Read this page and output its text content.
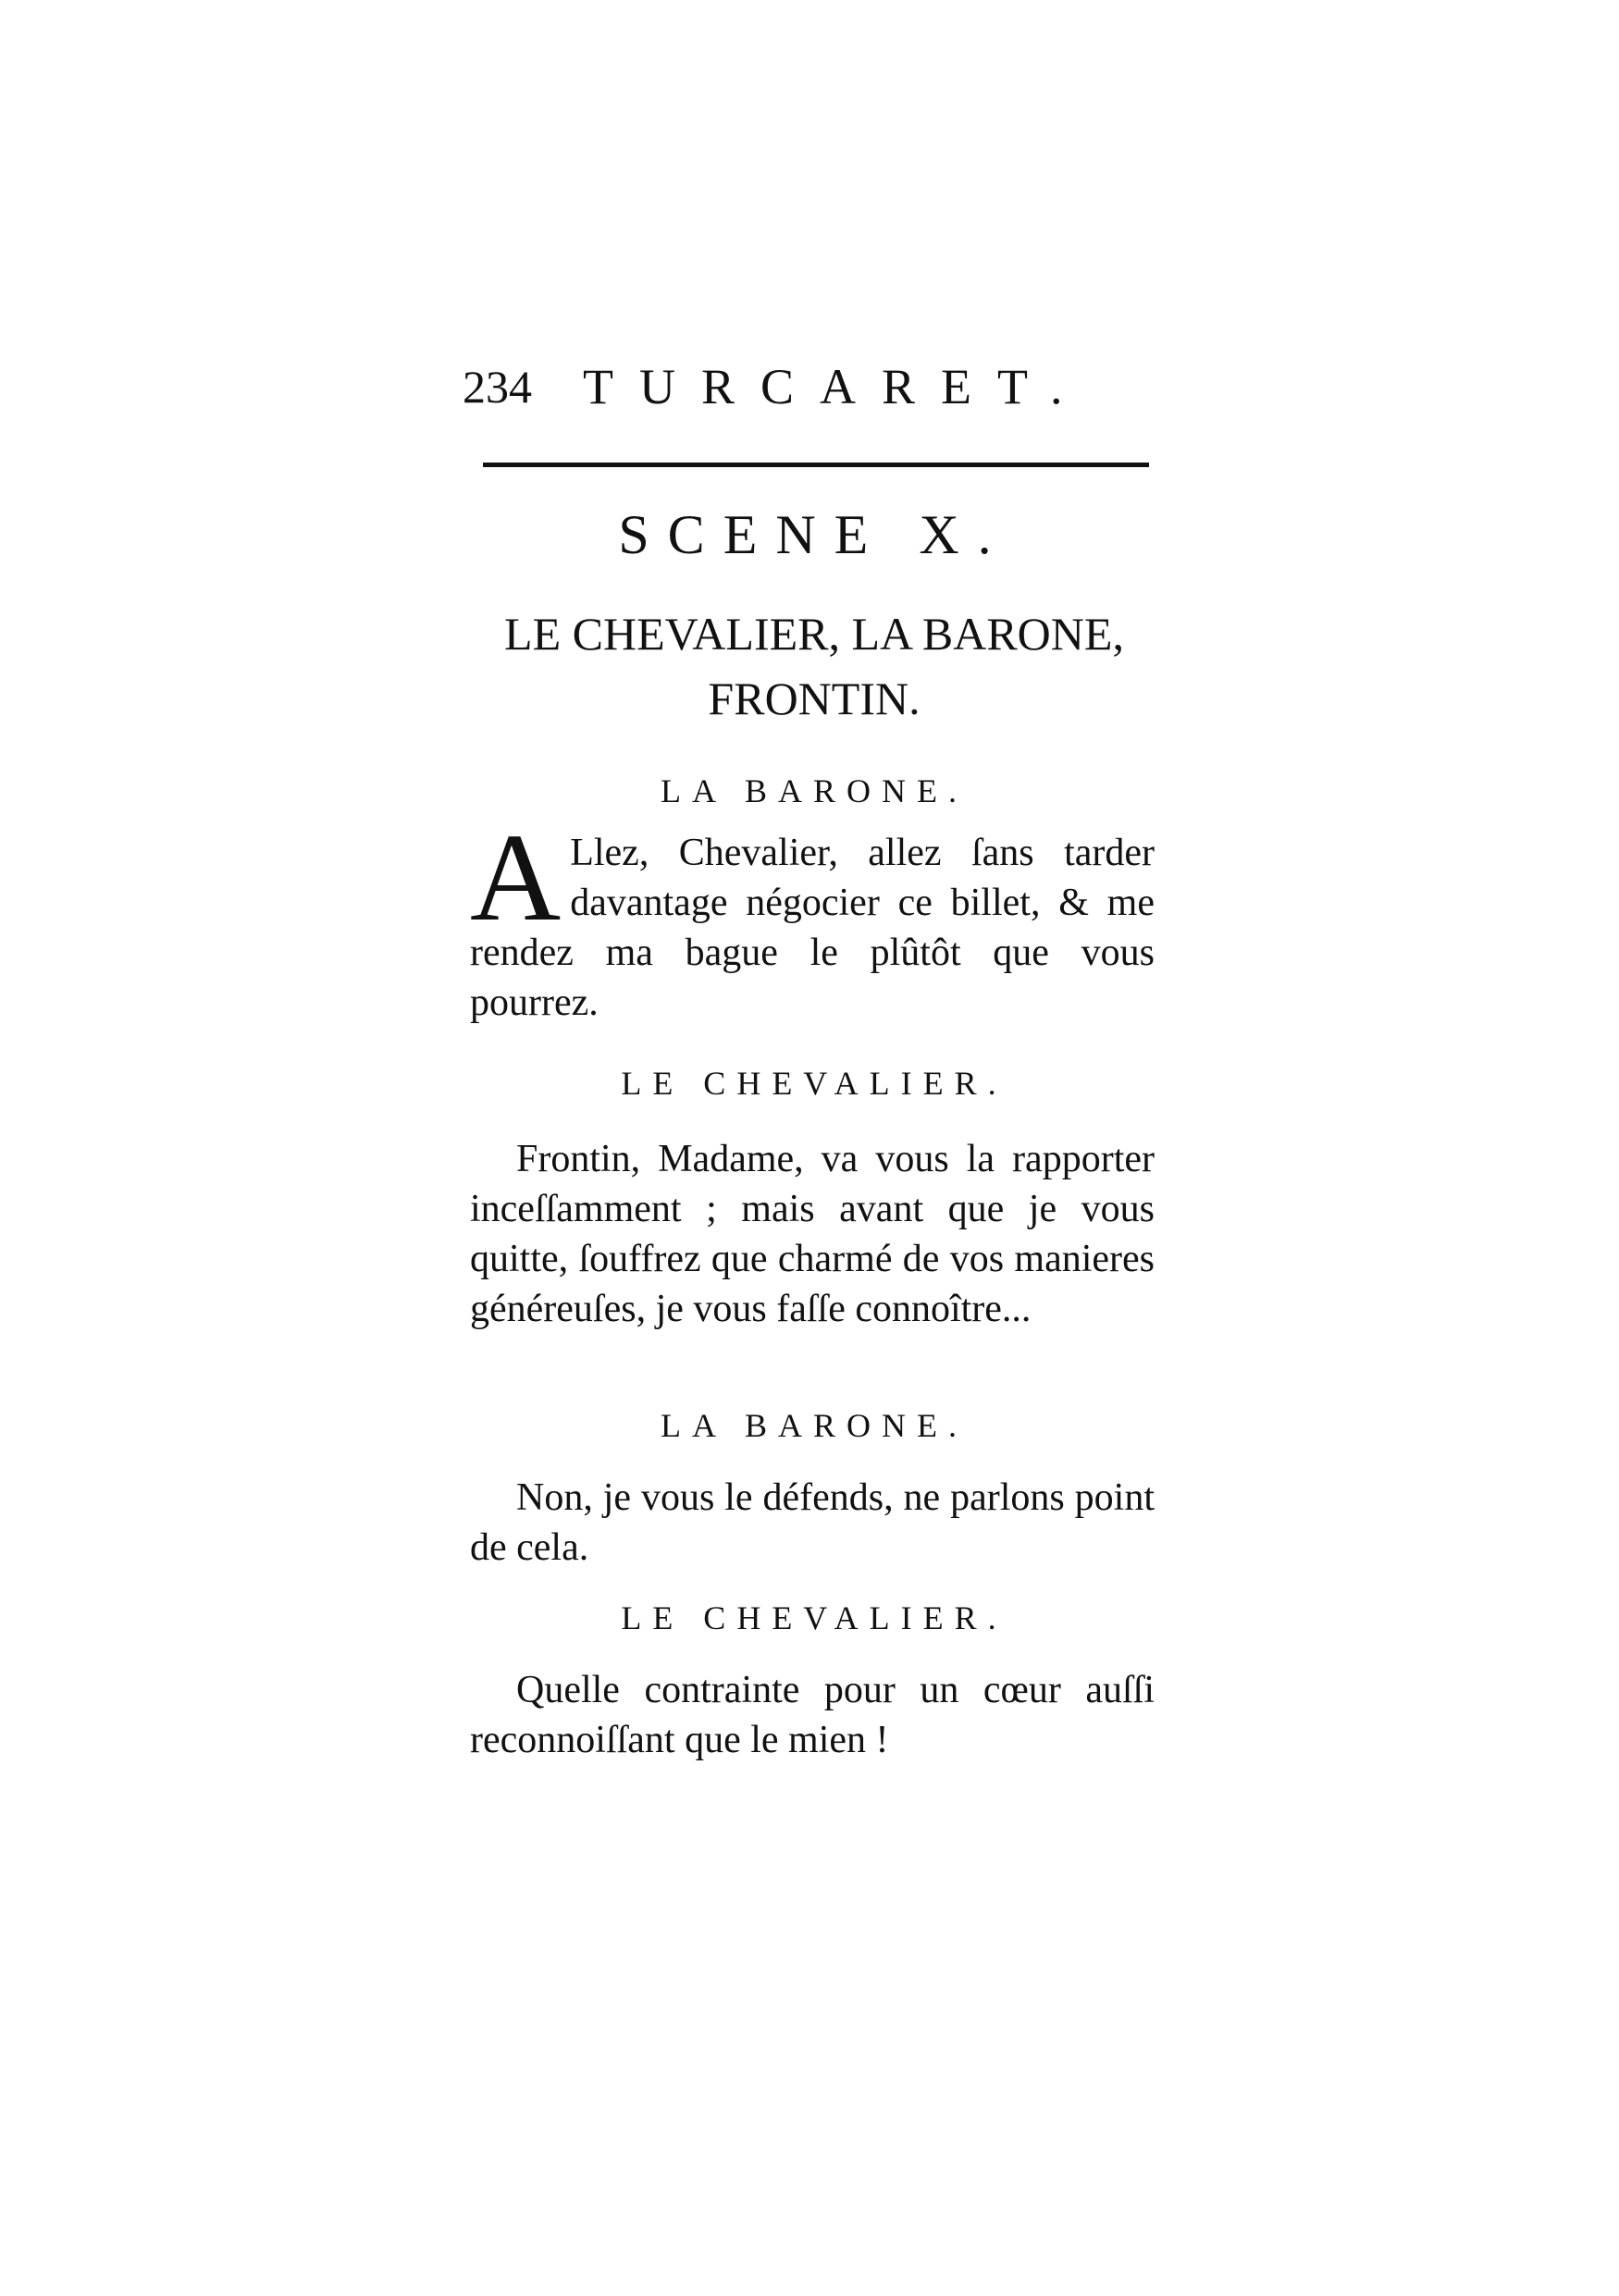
234 TURCARET.
SCENE X.
LE CHEVALIER, LA BARONE,
FRONTIN.
LA BARONE.
A Llez, Chevalier, allez ſans tarder davantage négocier ce billet, & me rendez ma bague le plûtôt que vous pourrez.
LE CHEVALIER.
Frontin, Madame, va vous la rapporter inceſſamment ; mais avant que je vous quitte, ſouffrez que charmé de vos manieres généreuſes, je vous faſſe connoître...
LA BARONE.
Non, je vous le défends, ne parlons point de cela.
LE CHEVALIER.
Quelle contrainte pour un cœur auſſi reconnoiſſant que le mien !
